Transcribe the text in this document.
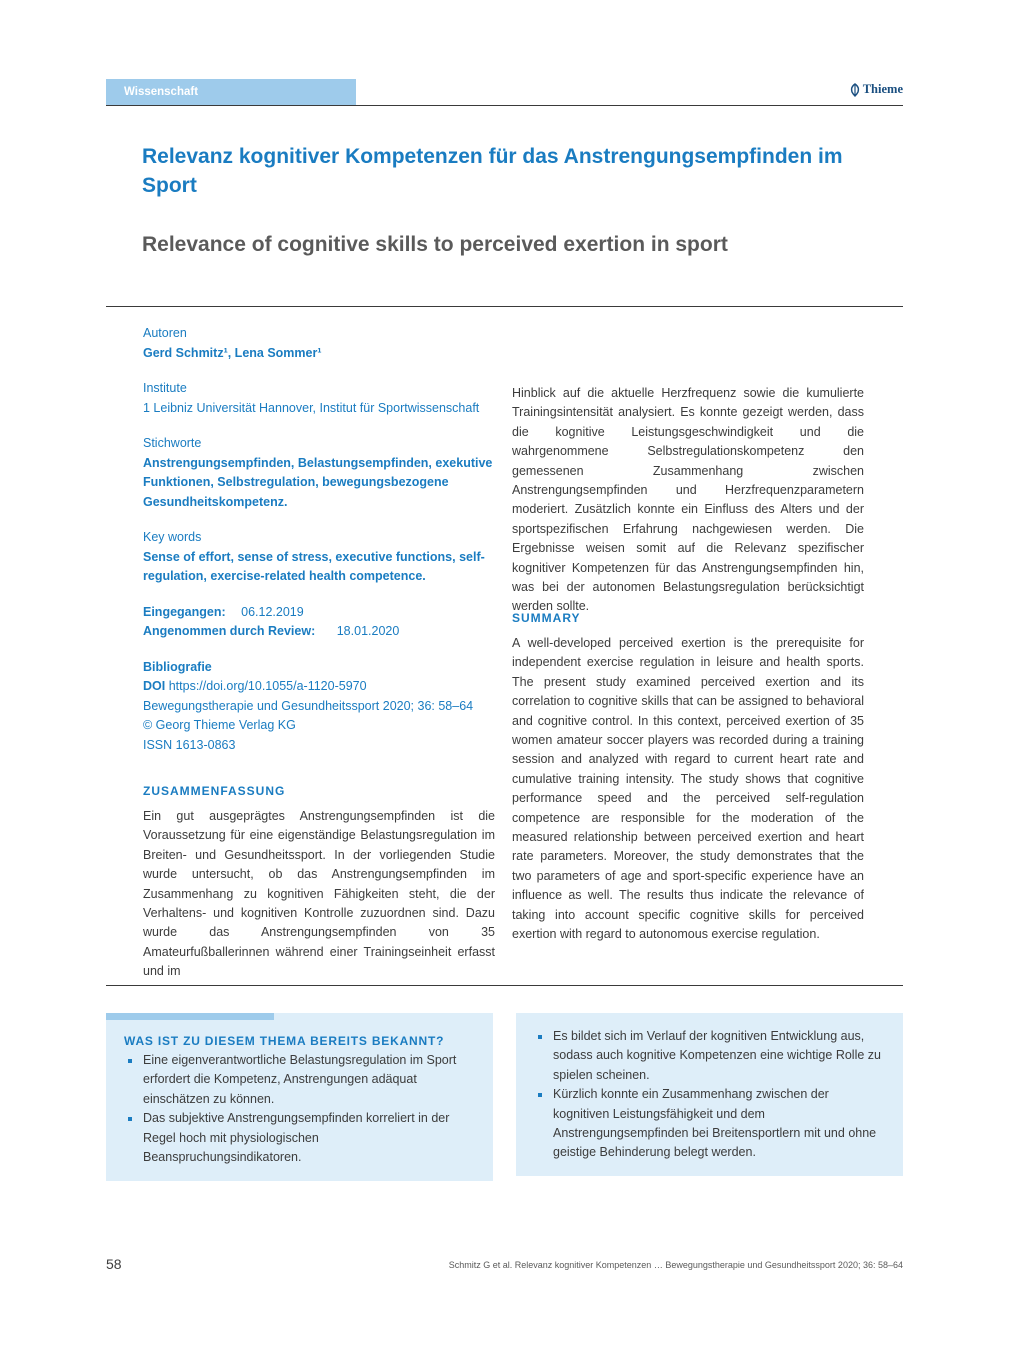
Wissenschaft	Thieme
Relevanz kognitiver Kompetenzen für das Anstrengungsempfinden im Sport
Relevance of cognitive skills to perceived exertion in sport
Autoren
Gerd Schmitz¹, Lena Sommer¹
Institute
1 Leibniz Universität Hannover, Institut für Sportwissenschaft
Stichworte
Anstrengungsempfinden, Belastungsempfinden, exekutive Funktionen, Selbstregulation, bewegungsbezogene Gesundheitskompetenz.
Key words
Sense of effort, sense of stress, executive functions, self-regulation, exercise-related health competence.
Eingegangen: 06.12.2019
Angenommen durch Review: 18.01.2020
Bibliografie
DOI https://doi.org/10.1055/a-1120-5970
Bewegungstherapie und Gesundheitssport 2020; 36: 58–64
© Georg Thieme Verlag KG
ISSN 1613-0863
ZUSAMMENFASSUNG
Ein gut ausgeprägtes Anstrengungsempfinden ist die Voraussetzung für eine eigenständige Belastungsregulation im Breiten- und Gesundheitssport. In der vorliegenden Studie wurde untersucht, ob das Anstrengungsempfinden im Zusammenhang zu kognitiven Fähigkeiten steht, die der Verhaltens- und kognitiven Kontrolle zuzuordnen sind. Dazu wurde das Anstrengungsempfinden von 35 Amateurfußballerinnen während einer Trainingseinheit erfasst und im
Hinblick auf die aktuelle Herzfrequenz sowie die kumulierte Trainingsintensität analysiert. Es konnte gezeigt werden, dass die kognitive Leistungsgeschwindigkeit und die wahrgenommene Selbstregulationskompetenz den gemessenen Zusammenhang zwischen Anstrengungsempfinden und Herzfrequenzparametern moderiert. Zusätzlich konnte ein Einfluss des Alters und der sportspezifischen Erfahrung nachgewiesen werden. Die Ergebnisse weisen somit auf die Relevanz spezifischer kognitiver Kompetenzen für das Anstrengungsempfinden hin, was bei der autonomen Belastungsregulation berücksichtigt werden sollte.
SUMMARY
A well-developed perceived exertion is the prerequisite for independent exercise regulation in leisure and health sports. The present study examined perceived exertion and its correlation to cognitive skills that can be assigned to behavioral and cognitive control. In this context, perceived exertion of 35 women amateur soccer players was recorded during a training session and analyzed with regard to current heart rate and cumulative training intensity. The study shows that cognitive performance speed and the perceived self-regulation competence are responsible for the moderation of the measured relationship between perceived exertion and heart rate parameters. Moreover, the study demonstrates that the two parameters of age and sport-specific experience have an influence as well. The results thus indicate the relevance of taking into account specific cognitive skills for perceived exertion with regard to autonomous exercise regulation.
WAS IST ZU DIESEM THEMA BEREITS BEKANNT?
Eine eigenverantwortliche Belastungsregulation im Sport erfordert die Kompetenz, Anstrengungen adäquat einschätzen zu können.
Das subjektive Anstrengungsempfinden korreliert in der Regel hoch mit physiologischen Beanspruchungsindikatoren.
Es bildet sich im Verlauf der kognitiven Entwicklung aus, sodass auch kognitive Kompetenzen eine wichtige Rolle zu spielen scheinen.
Kürzlich konnte ein Zusammenhang zwischen der kognitiven Leistungsfähigkeit und dem Anstrengungsempfinden bei Breitensportlern mit und ohne geistige Behinderung belegt werden.
58	Schmitz G et al. Relevanz kognitiver Kompetenzen … Bewegungstherapie und Gesundheitssport 2020; 36: 58–64
